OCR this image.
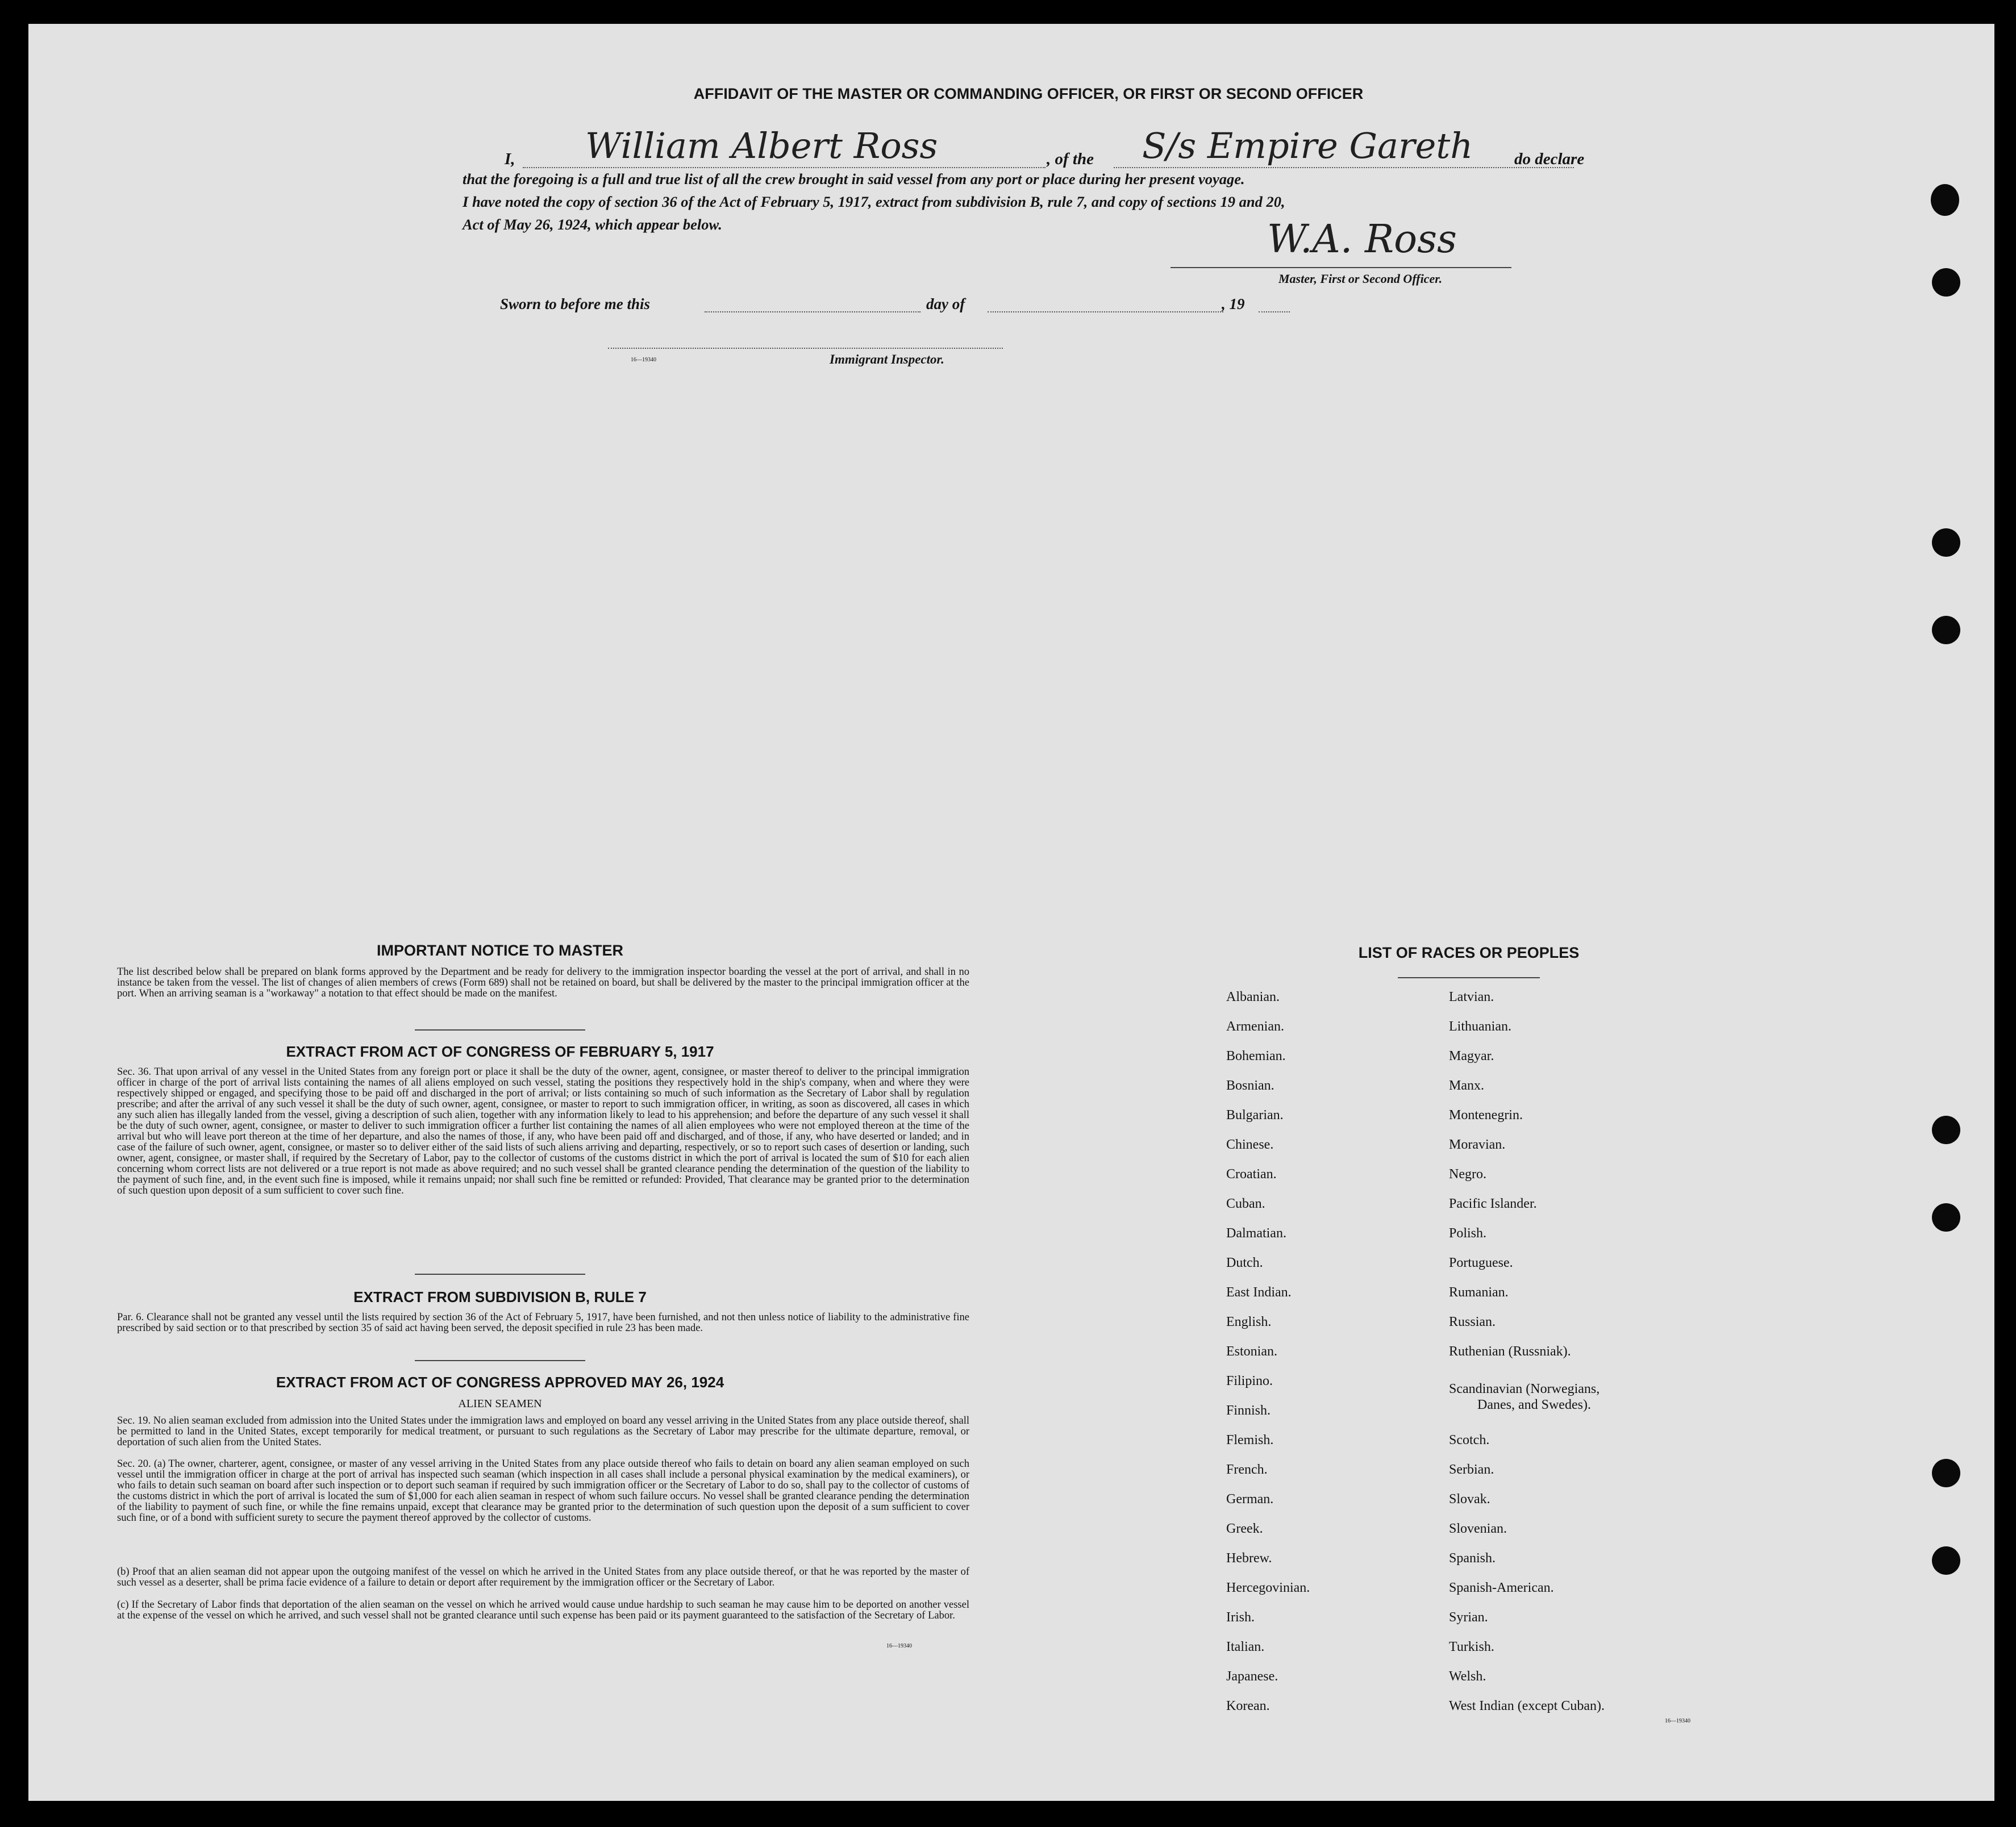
AFFIDAVIT OF THE MASTER OR COMMANDING OFFICER, OR FIRST OR SECOND OFFICER
I, William Albert Ross	, of the S/s Empire Gareth	do declare
that the foregoing is a full and true list of all the crew brought in said vessel from any port or place during her present voyage.
I have noted the copy of section 36 of the Act of February 5, 1917, extract from subdivision B, rule 7, and copy of sections 19 and 20,
Act of May 26, 1924, which appear below.	W.A. Ross
Master, First or Second Officer.
Sworn to before me this	day of	, 19
16—19340	Immigrant Inspector.
IMPORTANT NOTICE TO MASTER
The list described below shall be prepared on blank forms approved by the Department and be ready for delivery to the immigration inspector boarding the vessel at the port of arrival, and shall in no instance be taken from the vessel. The list of changes of alien members of crews (Form 689) shall not be retained on board, but shall be delivered by the master to the principal immigration officer at the port. When an arriving seaman is a "workaway" a notation to that effect should be made on the manifest.
EXTRACT FROM ACT OF CONGRESS OF FEBRUARY 5, 1917
Sec. 36. That upon arrival of any vessel in the United States from any foreign port or place it shall be the duty of the owner, agent, consignee, or master thereof to deliver to the principal immigration officer in charge of the port of arrival lists containing the names of all aliens employed on such vessel, stating the positions they respectively hold in the ship's company, when and where they were respectively shipped or engaged, and specifying those to be paid off and discharged in the port of arrival; or lists containing so much of such information as the Secretary of Labor shall by regulation prescribe; and after the arrival of any such vessel it shall be the duty of such owner, agent, consignee, or master to report to such immigration officer, in writing, as soon as discovered, all cases in which any such alien has illegally landed from the vessel, giving a description of such alien, together with any information likely to lead to his apprehension; and before the departure of any such vessel it shall be the duty of such owner, agent, consignee, or master to deliver to such immigration officer a further list containing the names of all alien employees who were not employed thereon at the time of the arrival but who will leave port thereon at the time of her departure, and also the names of those, if any, who have been paid off and discharged, and of those, if any, who have deserted or landed; and in case of the failure of such owner, agent, consignee, or master so to deliver either of the said lists of such aliens arriving and departing, respectively, or so to report such cases of desertion or landing, such owner, agent, consignee, or master shall, if required by the Secretary of Labor, pay to the collector of customs of the customs district in which the port of arrival is located the sum of $10 for each alien concerning whom correct lists are not delivered or a true report is not made as above required; and no such vessel shall be granted clearance pending the determination of the question of the liability to the payment of such fine, and, in the event such fine is imposed, while it remains unpaid; nor shall such fine be remitted or refunded: Provided, That clearance may be granted prior to the determination of such question upon deposit of a sum sufficient to cover such fine.
EXTRACT FROM SUBDIVISION B, RULE 7
Par. 6. Clearance shall not be granted any vessel until the lists required by section 36 of the Act of February 5, 1917, have been furnished, and not then unless notice of liability to the administrative fine prescribed by said section or to that prescribed by section 35 of said act having been served, the deposit specified in rule 23 has been made.
EXTRACT FROM ACT OF CONGRESS APPROVED MAY 26, 1924
ALIEN SEAMEN
Sec. 19. No alien seaman excluded from admission into the United States under the immigration laws and employed on board any vessel arriving in the United States from any place outside thereof, shall be permitted to land in the United States, except temporarily for medical treatment, or pursuant to such regulations as the Secretary of Labor may prescribe for the ultimate departure, removal, or deportation of such alien from the United States.
Sec. 20. (a) The owner, charterer, agent, consignee, or master of any vessel arriving in the United States from any place outside thereof who fails to detain on board any alien seaman employed on such vessel until the immigration officer in charge at the port of arrival has inspected such seaman (which inspection in all cases shall include a personal physical examination by the medical examiners), or who fails to detain such seaman on board after such inspection or to deport such seaman if required by such immigration officer or the Secretary of Labor to do so, shall pay to the collector of customs of the customs district in which the port of arrival is located the sum of $1,000 for each alien seaman in respect of whom such failure occurs. No vessel shall be granted clearance pending the determination of the liability to payment of such fine, or while the fine remains unpaid, except that clearance may be granted prior to the determination of such question upon the deposit of a sum sufficient to cover such fine, or of a bond with sufficient surety to secure the payment thereof approved by the collector of customs.
(b) Proof that an alien seaman did not appear upon the outgoing manifest of the vessel on which he arrived in the United States from any place outside thereof, or that he was reported by the master of such vessel as a deserter, shall be prima facie evidence of a failure to detain or deport after requirement by the immigration officer or the Secretary of Labor.
(c) If the Secretary of Labor finds that deportation of the alien seaman on the vessel on which he arrived would cause undue hardship to such seaman he may cause him to be deported on another vessel at the expense of the vessel on which he arrived, and such vessel shall not be granted clearance until such expense has been paid or its payment guaranteed to the satisfaction of the Secretary of Labor.
16—19340
LIST OF RACES OR PEOPLES
Albanian.
Armenian.
Bohemian.
Bosnian.
Bulgarian.
Chinese.
Croatian.
Cuban.
Dalmatian.
Dutch.
East Indian.
English.
Estonian.
Filipino.
Finnish.
Flemish.
French.
German.
Greek.
Hebrew.
Hercegovinian.
Irish.
Italian.
Japanese.
Korean.
Latvian.
Lithuanian.
Magyar.
Manx.
Montenegrin.
Moravian.
Negro.
Pacific Islander.
Polish.
Portuguese.
Rumanian.
Russian.
Ruthenian (Russniak).
Scandinavian (Norwegians,
Danes, and Swedes).
Scotch.
Serbian.
Slovak.
Slovenian.
Spanish.
Spanish-American.
Syrian.
Turkish.
Welsh.
West Indian (except Cuban).
16—19340
